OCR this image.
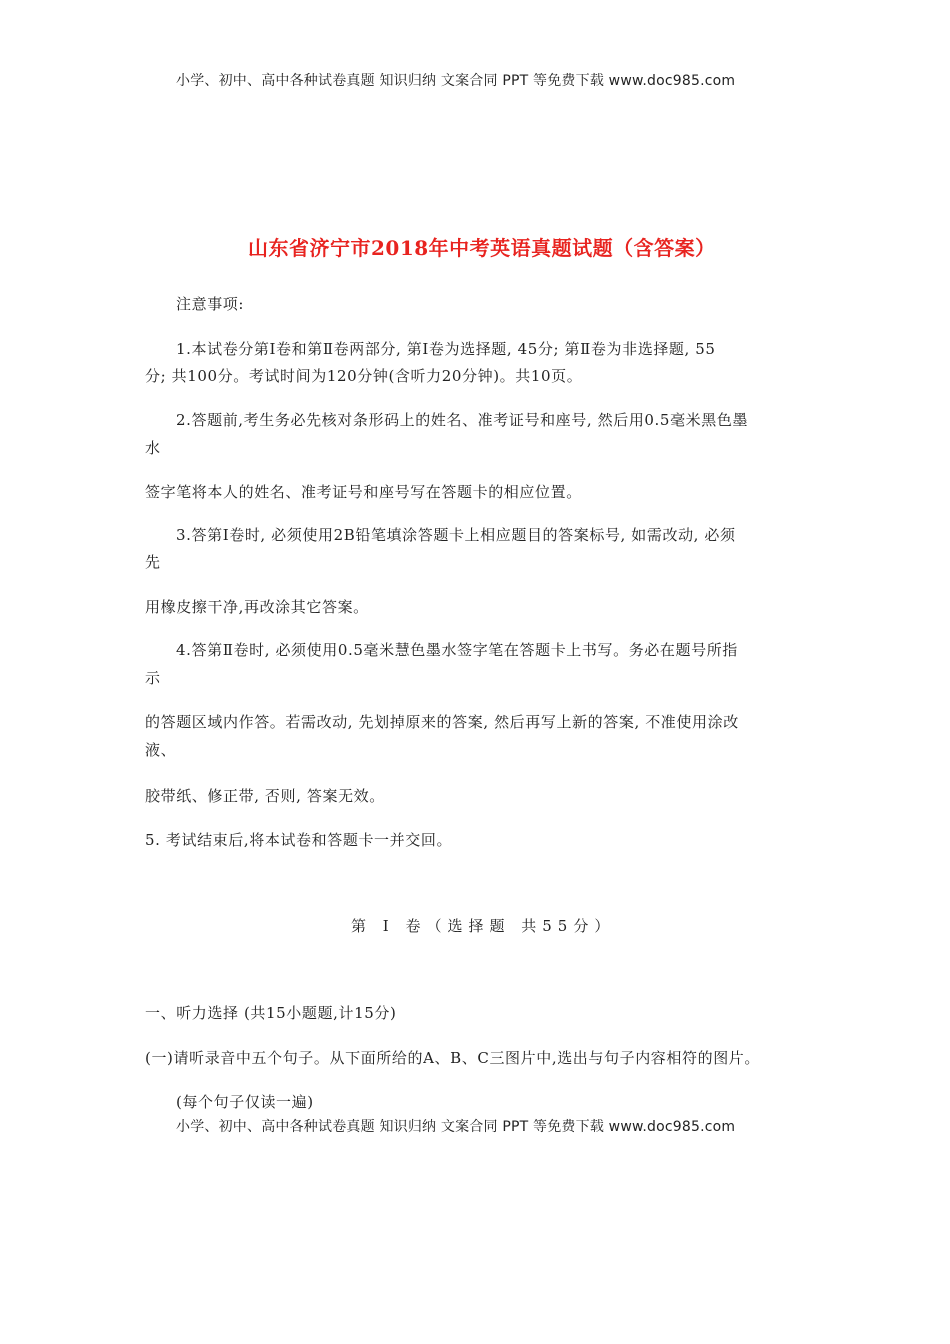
小学、初中、高中各种试卷真题 知识归纳 文案合同 PPT 等免费下载 www.doc985.com
山东省济宁市2018年中考英语真题试题（含答案）
注意事项:
1.本试卷分第Ⅰ卷和第Ⅱ卷两部分, 第Ⅰ卷为选择题, 45分; 第Ⅱ卷为非选择题, 55
分; 共100分。考试时间为120分钟(含听力20分钟)。共10页。
2.答题前,考生务必先核对条形码上的姓名、准考证号和座号, 然后用0.5毫米黑色墨
水
签字笔将本人的姓名、准考证号和座号写在答题卡的相应位置。
3.答第Ⅰ卷时, 必须使用2B铅笔填涂答题卡上相应题目的答案标号, 如需改动, 必须
先
用橡皮擦干净,再改涂其它答案。
4.答第Ⅱ卷时, 必须使用0.5毫米慧色墨水签字笔在答题卡上书写。务必在题号所指
示
的答题区域内作答。若需改动, 先划掉原来的答案, 然后再写上新的答案, 不准使用涂改
液、
胶带纸、修正带, 否则, 答案无效。
5. 考试结束后,将本试卷和答题卡一并交回。
第 Ⅰ 卷（选择题 共55分）
一、听力选择 (共15小题题,计15分)
(一)请听录音中五个句子。从下面所给的A、B、C三图片中,选出与句子内容相符的图片。
(每个句子仅读一遍)
小学、初中、高中各种试卷真题 知识归纳 文案合同 PPT 等免费下载 www.doc985.com
